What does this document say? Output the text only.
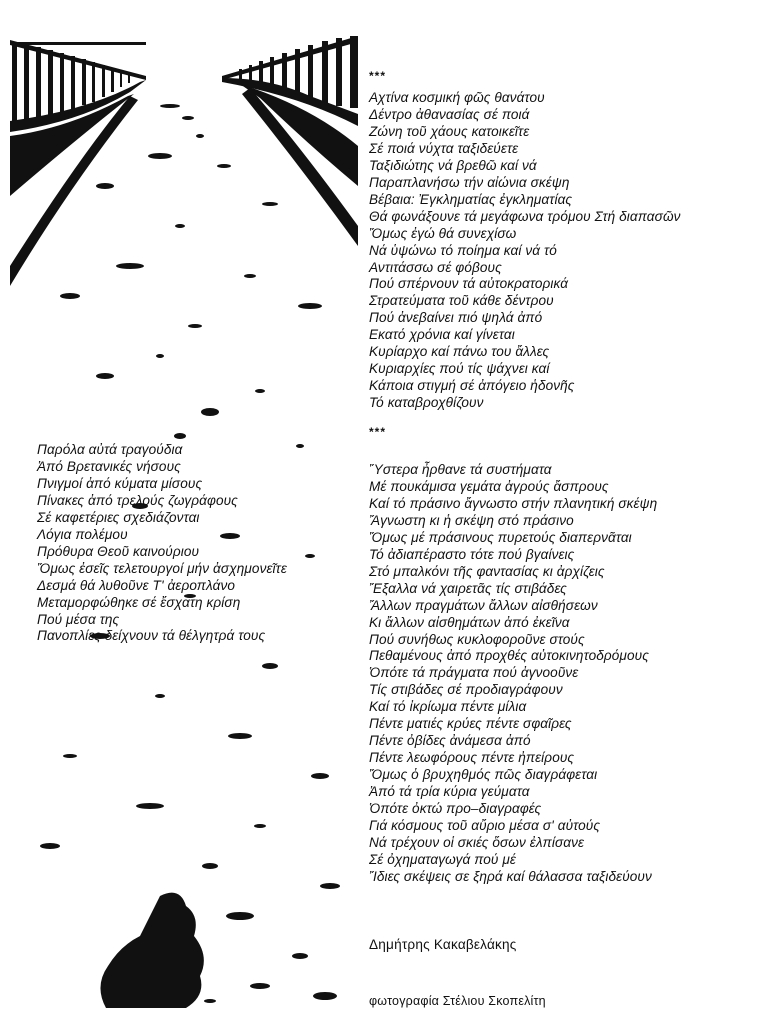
***
Αχτίνα κοσμική φῶς θανάτου
Δέντρο ἀθανασίας σέ ποιά
Ζώνη τοῦ χάους κατοικεῖτε
Σέ ποιά νύχτα ταξιδεύετε
Ταξιδιώτης νά βρεθῶ καί νά
Παραπλανήσω τήν αἰώνια σκέψη
Βέβαια: Ἐγκληματίας ἐγκληματίας
Θά φωνάξουνε τά μεγάφωνα τρόμου Στή διαπασῶν
Ὅμως ἐγώ θά συνεχίσω
Νά ὑψώνω τό ποίημα καί νά τό
Αντιτάσσω σέ φόβους
Πού σπέρνουν τά αὐτοκρατορικά
Στρατεύματα τοῦ κάθε δέντρου
Πού ἀνεβαίνει πιό ψηλά ἀπό
Εκατό χρόνια καί γίνεται
Κυρίαρχο καί πάνω του ἄλλες
Κυριαρχίες πού τίς ψάχνει καί
Κάποια στιγμή σέ ἀπόγειο ἡδονῆς
Τό καταβροχθίζουν
***
Παρόλα αὐτά τραγούδια
Ἀπό Βρετανικές νήσους
Πνιγμοί ἀπό κύματα μίσους
Πίνακες ἀπό τρελούς ζωγράφους
Σέ καφετέριες σχεδιάζονται
Λόγια πολέμου
Πρόθυρα Θεοῦ καινούριου
Ὅμως ἐσεῖς τελετουργοί μήν ἀσχημονεῖτε
Δεσμά θά λυθοῦνε Τ' ἀεροπλάνο
Μεταμορφώθηκε σέ ἔσχατη κρίση
Πού μέσα της
Πανοπλίες δείχνουν τά θέλγητρά τους
Ὕστερα ἦρθανε τά συστήματα
Μέ πουκάμισα γεμάτα ἀγρούς ἄσπρους
Καί τό πράσινο ἄγνωστο στήν πλανητική σκέψη
Ἄγνωστη κι ἡ σκέψη στό πράσινο
Ὅμως μέ πράσινους πυρετούς διαπερνᾶται
Τό ἀδιαπέραστο τότε πού βγαίνεις
Στό μπαλκόνι τῆς φαντασίας κι ἀρχίζεις
Ἔξαλλα νά χαιρετᾶς τίς στιβάδες
Ἄλλων πραγμάτων ἄλλων αἰσθήσεων
Κι ἄλλων αἰσθημάτων ἀπό ἐκεῖνα
Πού συνήθως κυκλοφοροῦνε στούς
Πεθαμένους ἀπό προχθές αὐτοκινητοδρόμους
Ὁπότε τά πράγματα πού ἀγνοοῦνε
Τίς στιβάδες σέ προδιαγράφουν
Καί τό ἰκρίωμα πέντε μίλια
Πέντε ματιές κρύες πέντε σφαῖρες
Πέντε ὀβίδες ἀνάμεσα ἀπό
Πέντε λεωφόρους πέντε ἠπείρους
Ὅμως ὁ βρυχηθμός πῶς διαγράφεται
Ἀπό τά τρία κύρια γεύματα
Ὁπότε ὀκτώ προ–διαγραφές
Γιά κόσμους τοῦ αὔριο μέσα σ' αὐτούς
Νά τρέχουν οἱ σκιές ὅσων ἐλπίσανε
Σέ ὀχηματαγωγά πού μέ
Ἴδιες σκέψεις σε ξηρά καί θάλασσα ταξιδεύουν
Δημήτρης Κακαβελάκης
φωτογραφία Στέλιου Σκοπελίτη
